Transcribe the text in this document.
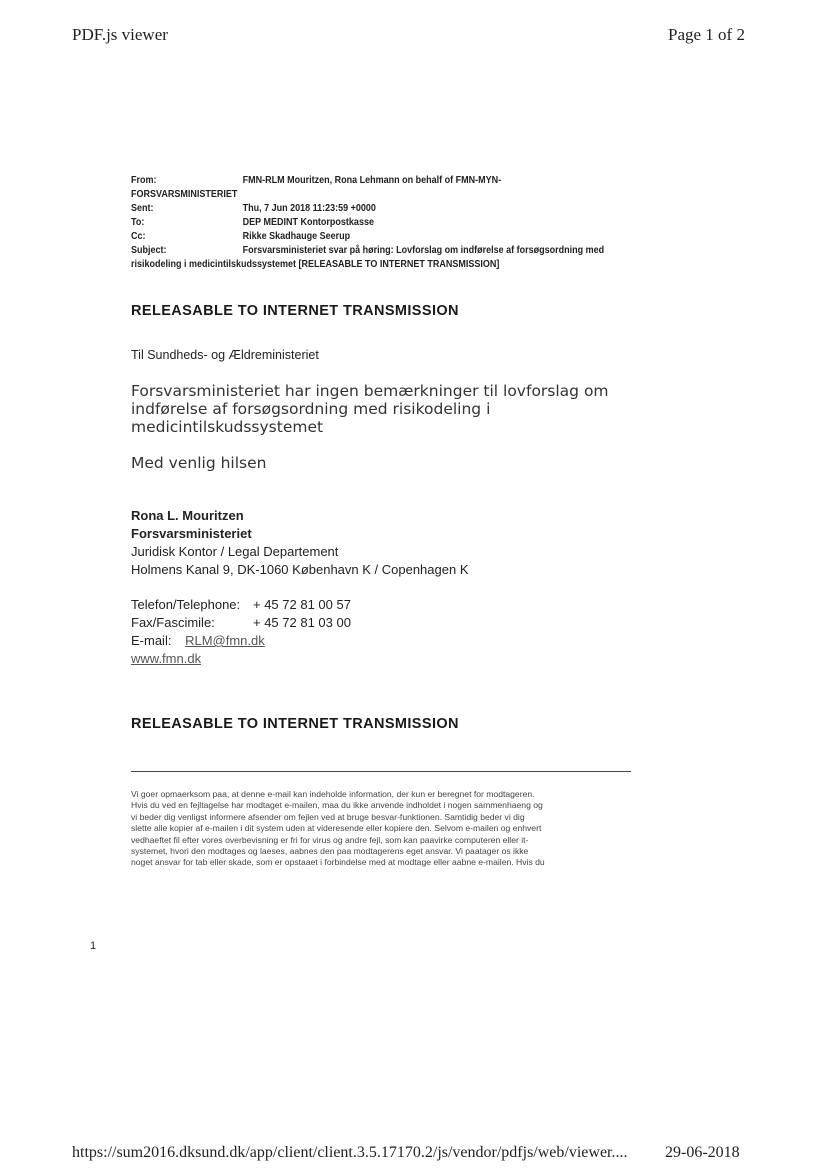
PDF.js viewer	Page 1 of 2
From:	FMN-RLM Mouritzen, Rona Lehmann on behalf of FMN-MYN-
FORSVARSMINISTERIET
Sent:	Thu, 7 Jun 2018 11:23:59 +0000
To:	DEP MEDINT Kontorpostkasse
Cc:	Rikke Skadhauge Seerup
Subject:	Forsvarsministeriet svar på høring: Lovforslag om indførelse af forsøgsordning med
risikodeling i medicintilskudssystemet [RELEASABLE TO INTERNET TRANSMISSION]
RELEASABLE TO INTERNET TRANSMISSION
Til Sundheds- og Ældreministeriet
Forsvarsministeriet har ingen bemærkninger til lovforslag om
indførelse af forsøgsordning med risikodeling i
medicintilskudssystemet
Med venlig hilsen
Rona L. Mouritzen
Forsvarsministeriet
Juridisk Kontor / Legal Departement
Holmens Kanal 9, DK-1060 København K / Copenhagen K
Telefon/Telephone: + 45 72 81 00 57
Fax/Fascimile:	+ 45 72 81 03 00
E-mail: RLM@fmn.dk
www.fmn.dk
RELEASABLE TO INTERNET TRANSMISSION
Vi goer opmaerksom paa, at denne e-mail kan indeholde information, der kun er beregnet for modtageren.
Hvis du ved en fejltagelse har modtaget e-mailen, maa du ikke anvende indholdet i nogen sammenhaeng og
vi beder dig venligst informere afsender om fejlen ved at bruge besvar-funktionen. Samtidig beder vi dig
slette alle kopier af e-mailen i dit system uden at videresende eller kopiere den. Selvom e-mailen og enhvert
vedhaeftet fil efter vores overbevisning er fri for virus og andre fejl, som kan paavirke computeren eller it-
systemet, hvori den modtages og laeses, aabnes den paa modtagerens eget ansvar. Vi paatager os ikke
noget ansvar for tab eller skade, som er opstaaet i forbindelse med at modtage eller aabne e-mailen. Hvis du
1
https://sum2016.dksund.dk/app/client/client.3.5.17170.2/js/vendor/pdfjs/web/viewer.... 29-06-2018
